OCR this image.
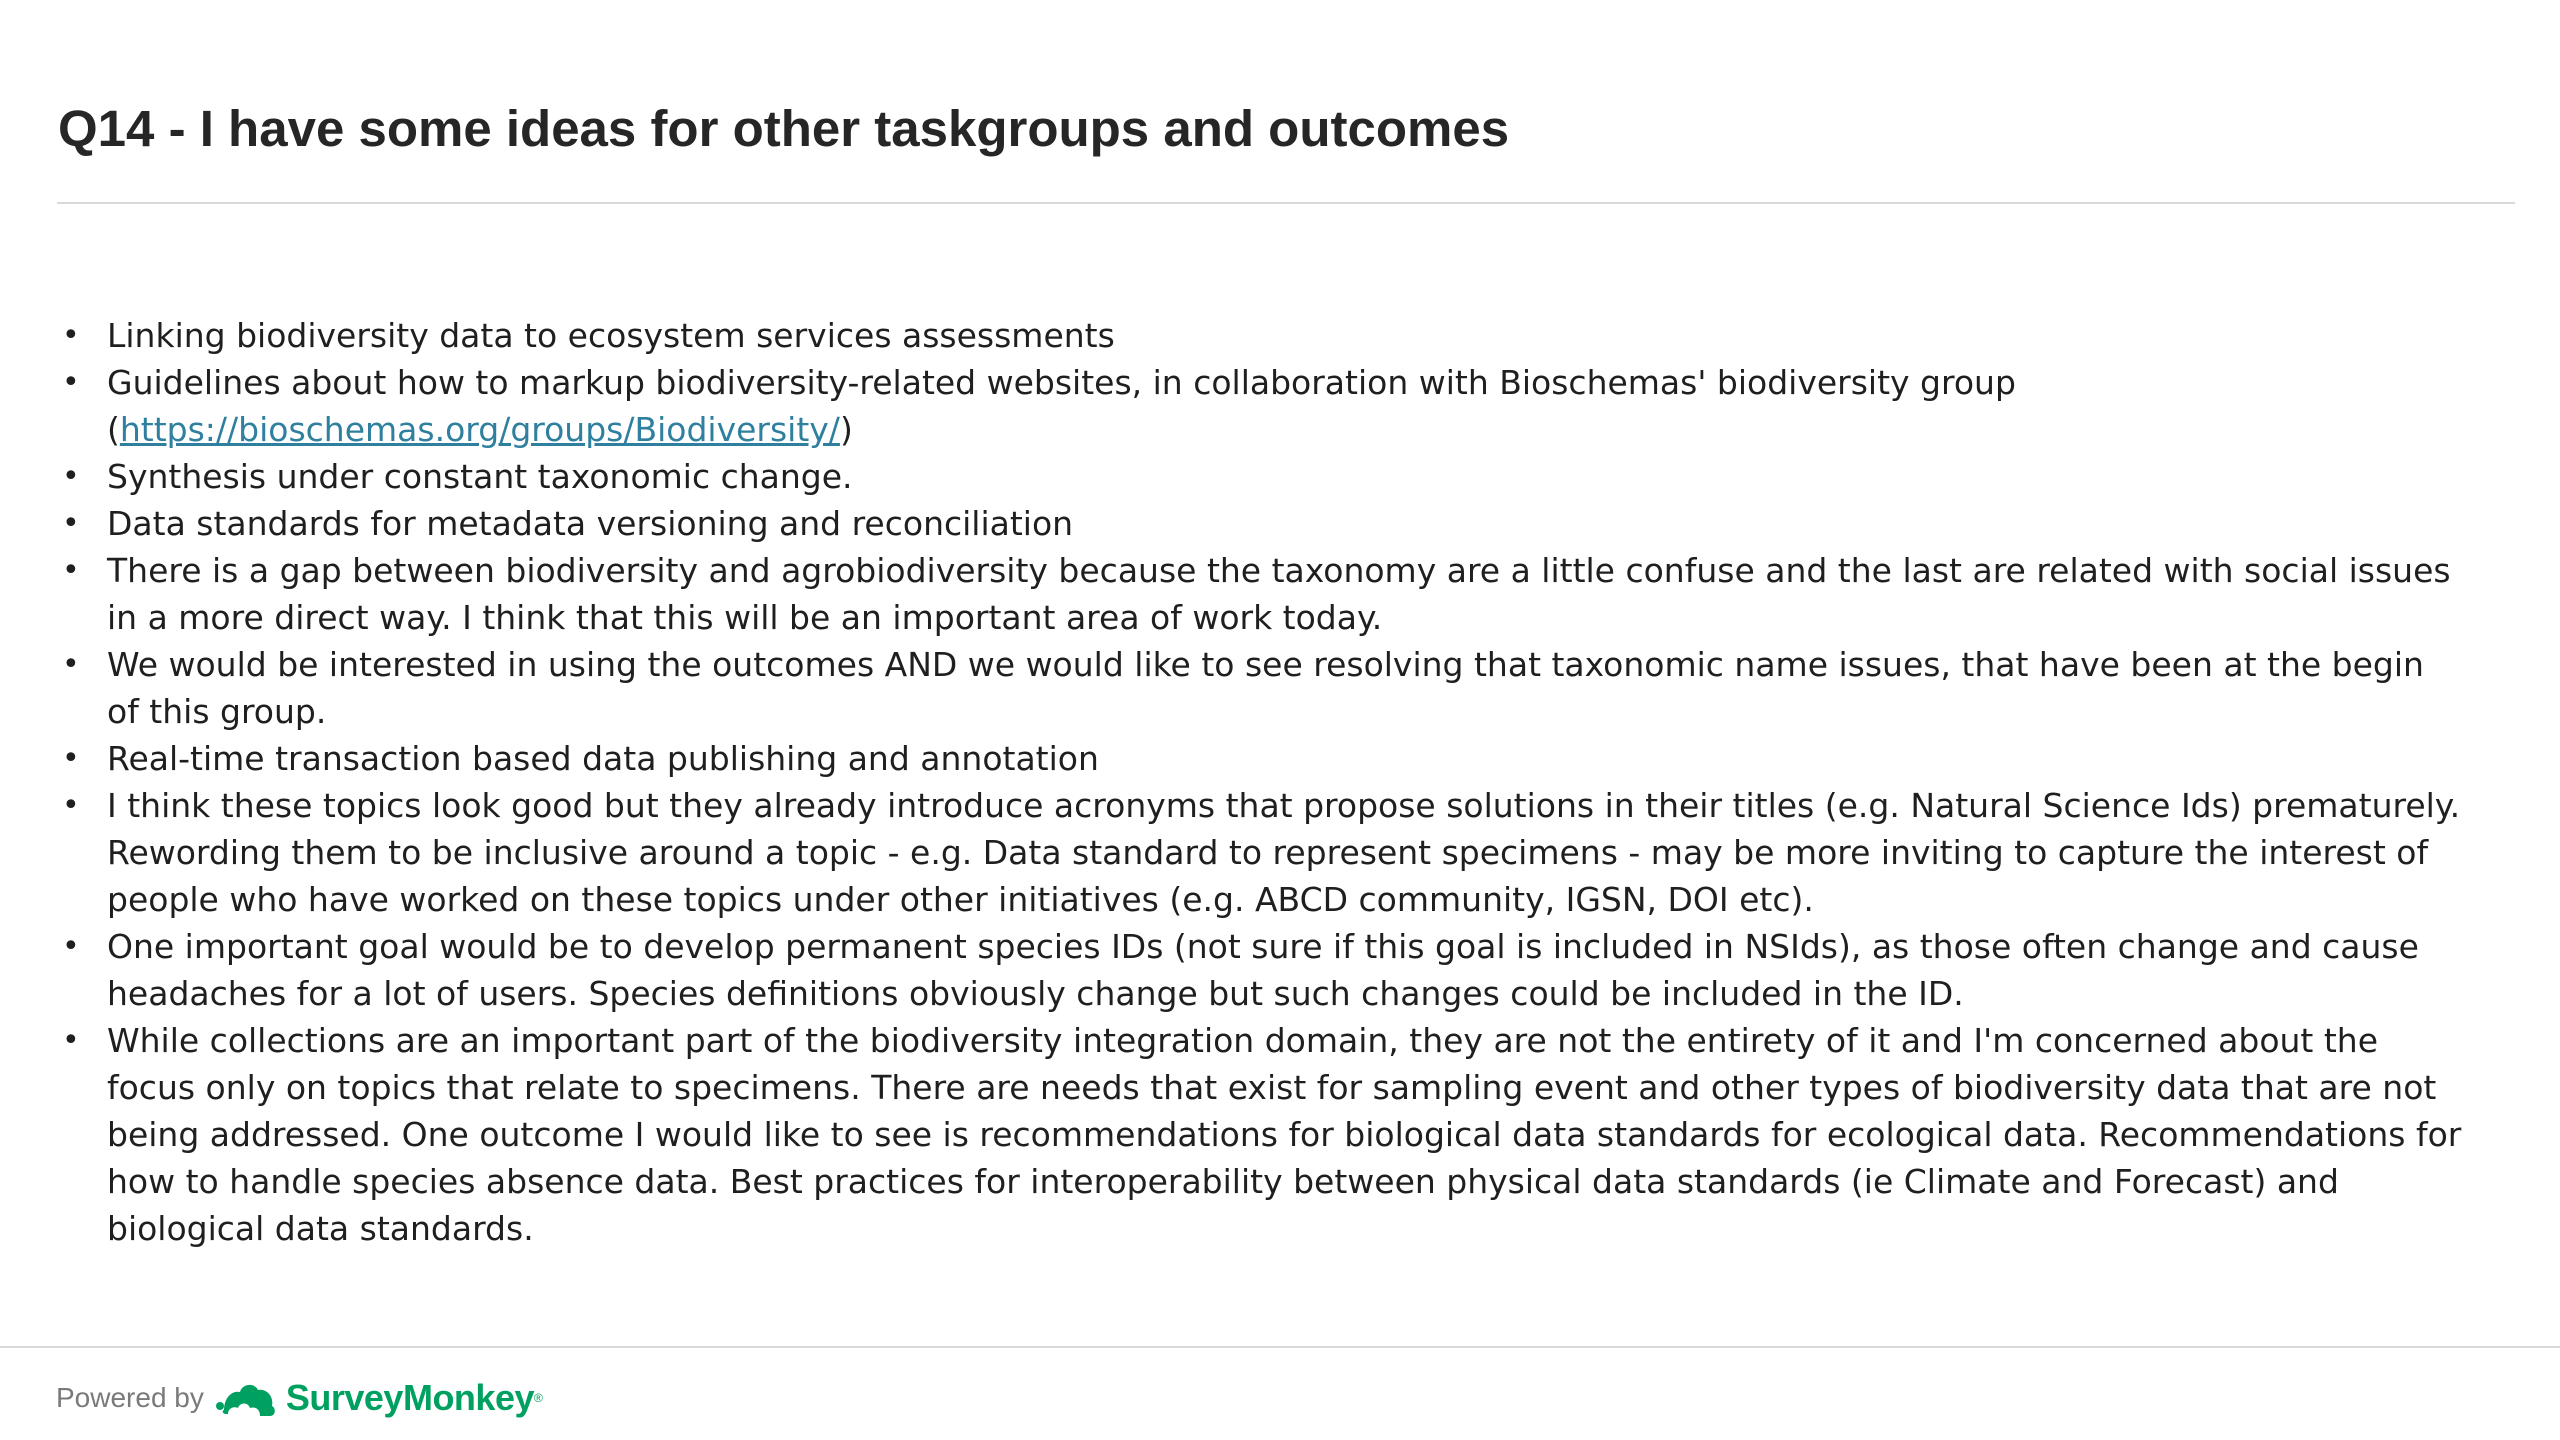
Q14 - I have some ideas for other taskgroups and outcomes
• Linking biodiversity data to ecosystem services assessments
• Guidelines about how to markup biodiversity-related websites, in collaboration with Bioschemas' biodiversity group (https://bioschemas.org/groups/Biodiversity/)
• Synthesis under constant taxonomic change.
• Data standards for metadata versioning and reconciliation
• There is a gap between biodiversity and agrobiodiversity because the taxonomy are a little confuse and the last are related with social issues in a more direct way. I think that this will be an important area of work today.
• We would be interested in using the outcomes AND we would like to see resolving that taxonomic name issues, that have been at the begin of this group.
• Real-time transaction based data publishing and annotation
• I think these topics look good but they already introduce acronyms that propose solutions in their titles (e.g. Natural Science Ids) prematurely. Rewording them to be inclusive around a topic - e.g. Data standard to represent specimens - may be more inviting to capture the interest of people who have worked on these topics under other initiatives (e.g. ABCD community, IGSN, DOI etc).
• One important goal would be to develop permanent species IDs (not sure if this goal is included in NSIds), as those often change and cause headaches for a lot of users. Species definitions obviously change but such changes could be included in the ID.
• While collections are an important part of the biodiversity integration domain, they are not the entirety of it and I'm concerned about the focus only on topics that relate to specimens. There are needs that exist for sampling event and other types of biodiversity data that are not being addressed. One outcome I would like to see is recommendations for biological data standards for ecological data. Recommendations for how to handle species absence data. Best practices for interoperability between physical data standards (ie Climate and Forecast) and biological data standards.
Powered by SurveyMonkey ®
